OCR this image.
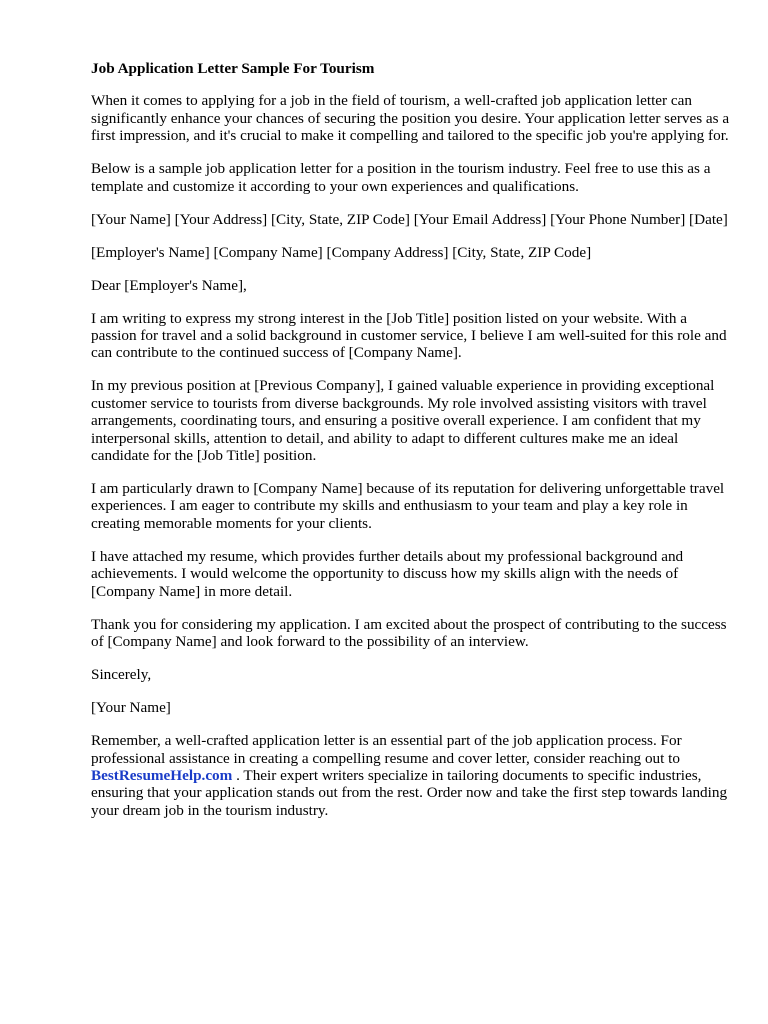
Job Application Letter Sample For Tourism

When it comes to applying for a job in the field of tourism, a well-crafted job application letter can significantly enhance your chances of securing the position you desire. Your application letter serves as a first impression, and it's crucial to make it compelling and tailored to the specific job you're applying for.

Below is a sample job application letter for a position in the tourism industry. Feel free to use this as a template and customize it according to your own experiences and qualifications.

[Your Name] [Your Address] [City, State, ZIP Code] [Your Email Address] [Your Phone Number] [Date]

[Employer's Name] [Company Name] [Company Address] [City, State, ZIP Code]

Dear [Employer's Name],

I am writing to express my strong interest in the [Job Title] position listed on your website. With a passion for travel and a solid background in customer service, I believe I am well-suited for this role and can contribute to the continued success of [Company Name].

In my previous position at [Previous Company], I gained valuable experience in providing exceptional customer service to tourists from diverse backgrounds. My role involved assisting visitors with travel arrangements, coordinating tours, and ensuring a positive overall experience. I am confident that my interpersonal skills, attention to detail, and ability to adapt to different cultures make me an ideal candidate for the [Job Title] position.

I am particularly drawn to [Company Name] because of its reputation for delivering unforgettable travel experiences. I am eager to contribute my skills and enthusiasm to your team and play a key role in creating memorable moments for your clients.

I have attached my resume, which provides further details about my professional background and achievements. I would welcome the opportunity to discuss how my skills align with the needs of [Company Name] in more detail.

Thank you for considering my application. I am excited about the prospect of contributing to the success of [Company Name] and look forward to the possibility of an interview.

Sincerely,

[Your Name]

Remember, a well-crafted application letter is an essential part of the job application process. For professional assistance in creating a compelling resume and cover letter, consider reaching out to BestResumeHelp.com . Their expert writers specialize in tailoring documents to specific industries, ensuring that your application stands out from the rest. Order now and take the first step towards landing your dream job in the tourism industry.
